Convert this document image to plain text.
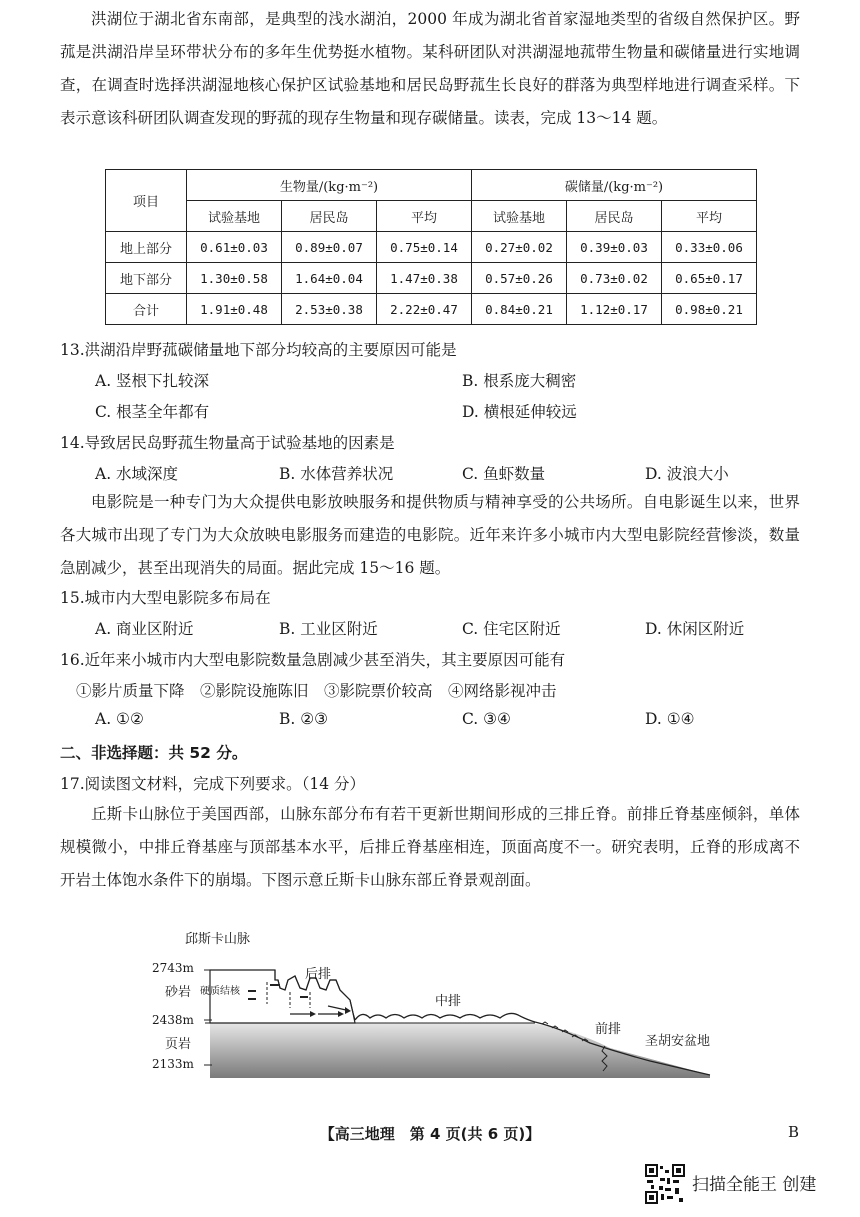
洪湖位于湖北省东南部，是典型的浅水湖泊，2000 年成为湖北省首家湿地类型的省级自然保护区。野菰是洪湖沿岸呈环带状分布的多年生优势挺水植物。某科研团队对洪湖湿地菰带生物量和碳储量进行实地调查，在调查时选择洪湖湿地核心保护区试验基地和居民岛野菰生长良好的群落为典型样地进行调查采样。下表示意该科研团队调查发现的野菰的现存生物量和现存碳储量。读表，完成 13～14 题。

项目	生物量/(kg·m⁻²)			碳储量/(kg·m⁻²)		
	试验基地	居民岛	平均	试验基地	居民岛	平均
地上部分	0.61±0.03	0.89±0.07	0.75±0.14	0.27±0.02	0.39±0.03	0.33±0.06
地下部分	1.30±0.58	1.64±0.04	1.47±0.38	0.57±0.26	0.73±0.02	0.65±0.17
合计	1.91±0.48	2.53±0.38	2.22±0.47	0.84±0.21	1.12±0.17	0.98±0.21
13.洪湖沿岸野菰碳储量地下部分均较高的主要原因可能是
A. 竖根下扎较深	B. 根系庞大稠密
C. 根茎全年都有	D. 横根延伸较远
14.导致居民岛野菰生物量高于试验基地的因素是
A. 水域深度	B. 水体营养状况	C. 鱼虾数量	D. 波浪大小

电影院是一种专门为大众提供电影放映服务和提供物质与精神享受的公共场所。自电影诞生以来，世界各大城市出现了专门为大众放映电影服务而建造的电影院。近年来许多小城市内大型电影院经营惨淡，数量急剧减少，甚至出现消失的局面。据此完成 15～16 题。

15.城市内大型电影院多布局在
A. 商业区附近	B. 工业区附近	C. 住宅区附近	D. 休闲区附近
16.近年来小城市内大型电影院数量急剧减少甚至消失，其主要原因可能有
①影片质量下降　②影院设施陈旧　③影院票价较高　④网络影视冲击
A. ①②	B. ②③	C. ③④	D. ①④
二、非选择题：共 52 分。
17.阅读图文材料，完成下列要求。（14 分）

丘斯卡山脉位于美国西部，山脉东部分布有若干更新世期间形成的三排丘脊。前排丘脊基座倾斜，单体规模微小，中排丘脊基座与顶部基本水平，后排丘脊基座相连，顶面高度不一。研究表明，丘脊的形成离不开岩土体饱水条件下的崩塌。下图示意丘斯卡山脉东部丘脊景观剖面。

邱斯卡山脉
2743m
砂岩 硬质结核
后排
中排
2438m
前排
页岩	圣胡安盆地
2133m
【高三地理　第 4 页(共 6 页)】	B
扫描全能王 创建
